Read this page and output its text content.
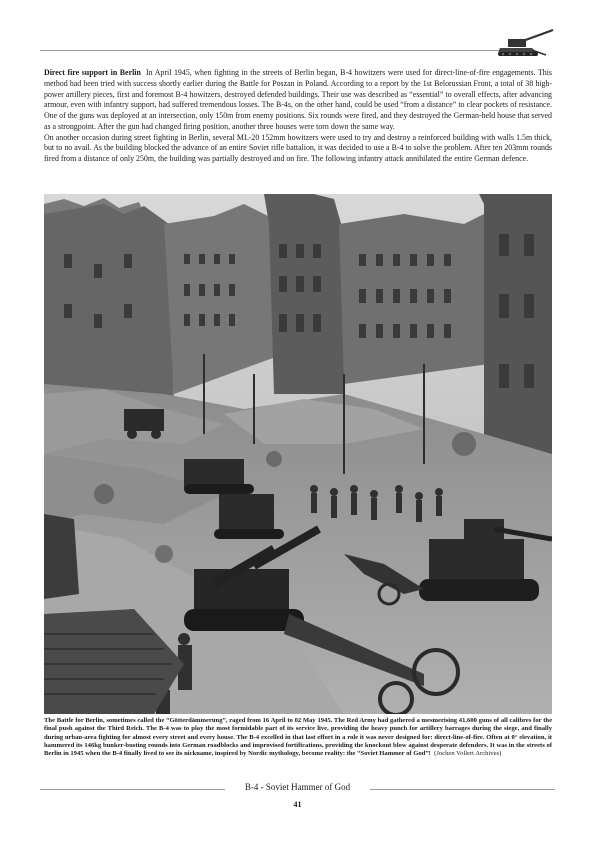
Direct fire support in Berlin In April 1945, when fighting in the streets of Berlin began, B-4 howitzers were used for direct-line-of-fire engagements. This method had been tried with success shortly earlier during the Battle for Poszan in Poland. According to a report by the 1st Belorussian Front, a total of 38 high-power artillery pieces, first and foremost B-4 howitzers, destroyed defended buildings. Their use was described as “essential” to overall effects, after advancing armour, even with infantry support, had suffered tremendous losses. The B-4s, on the other hand, could be used “from a distance” to clear pockets of resistance. One of the guns was deployed at an intersection, only 150m from enemy positions. Six rounds were fired, and they destroyed the German-held house that served as a strongpoint. After the gun had changed firing position, another three houses were torn down the same way.

On another occasion during street fighting in Berlin, several ML-20 152mm howitzers were used to try and destroy a reinforced building with walls 1.5m thick, but to no avail. As the building blocked the advance of an entire Soviet rifle battalion, it was decided to use a B-4 to solve the problem. After ten 203mm rounds fired from a distance of only 250m, the building was partially destroyed and on fire. The following infantry attack annihilated the entire German defence.

The Battle for Berlin, sometimes called the “Götterdämmerung”, raged from 16 April to 02 May 1945. The Red Army had gathered a mesmerising 41,600 guns of all calibres for the final push against the Third Reich. The B-4 was to play the most formidable part of its service live, providing the heavy punch for artillery barrages during the siege, and finally during urban-area fighting for almost every street and every house. The B-4 excelled in that last effort in a role it was never designed for: direct-line-of-fire. Often at 0° elevation, it hammered its 146kg bunker-busting rounds into German roadblocks and improvised fortifications, providing the knockout blow against desperate defenders. It was in the streets of Berlin in 1945 when the B-4 finally lived to see its nickname, inspired by Nordic mythology, become reality: the “Soviet Hammer of God”! (Jochen Vollert Archives)

B-4 - Soviet Hammer of God
41
